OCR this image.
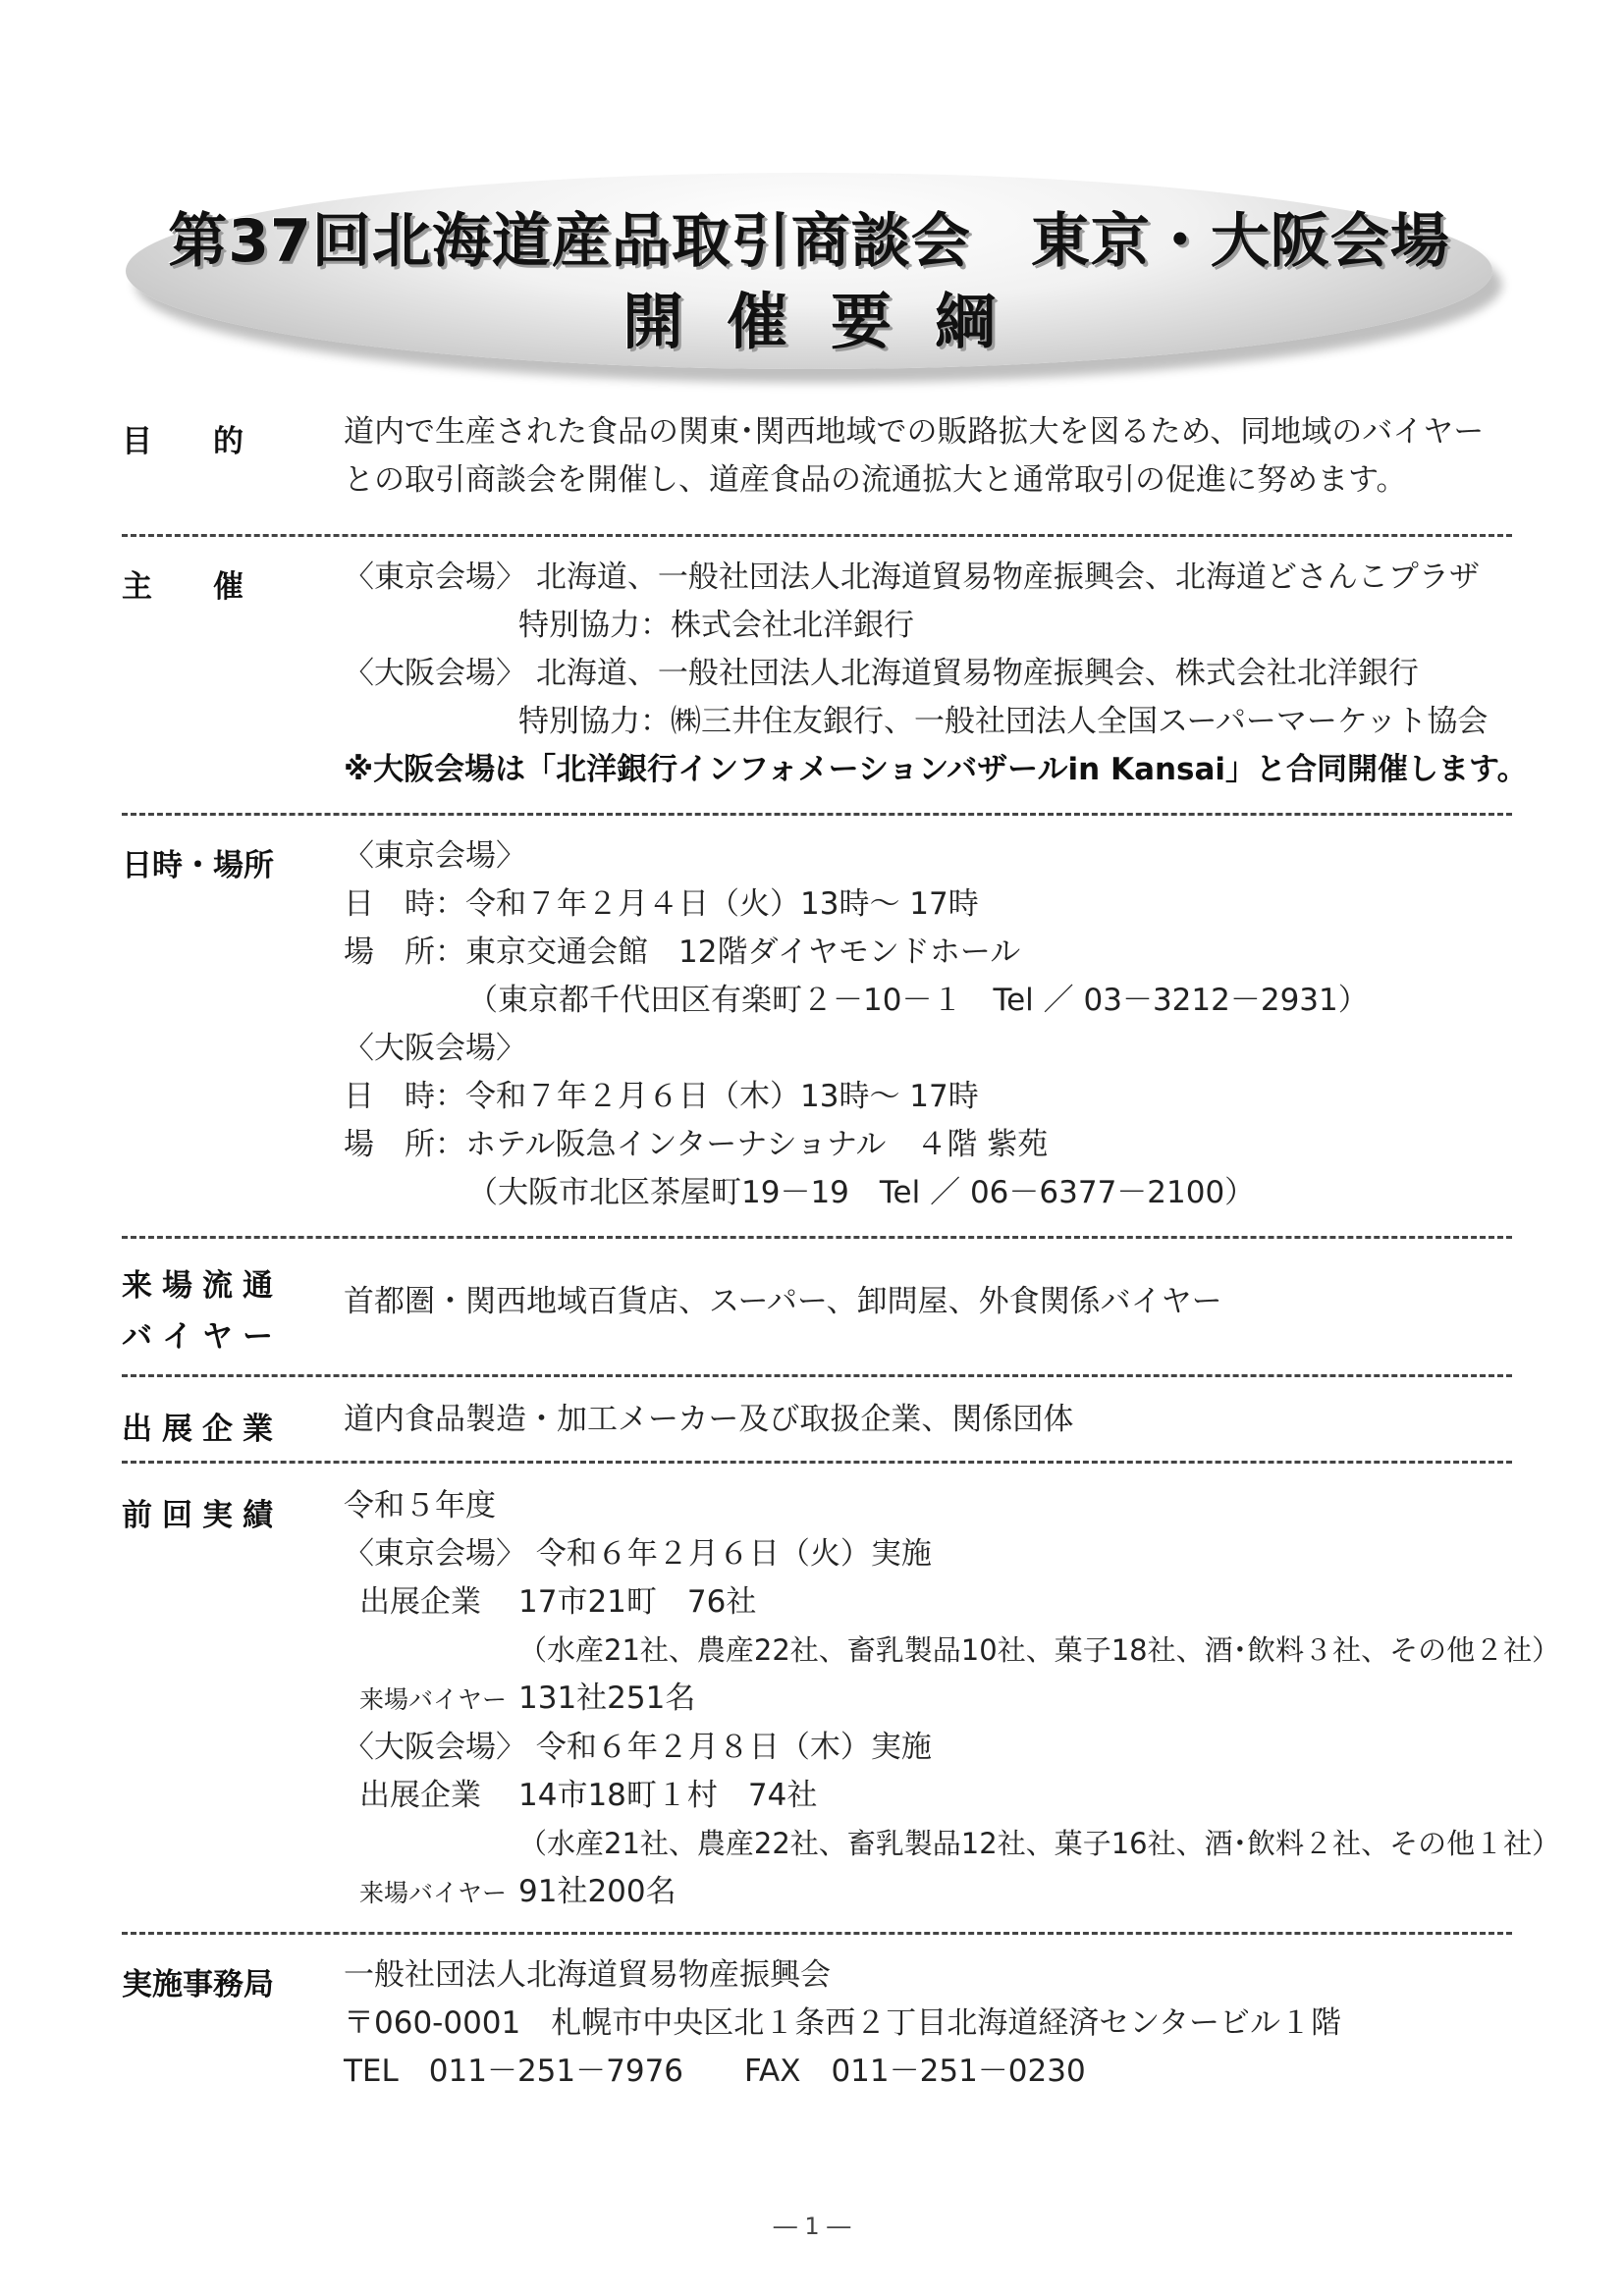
第37回北海道産品取引商談会　東京・大阪会場
開催要綱
目　　的	道内で生産された食品の関東･関西地域での販路拡大を図るため、同地域のバイヤー
との取引商談会を開催し、道産食品の流通拡大と通常取引の促進に努めます。
主　　催	〈東京会場〉 北海道、一般社団法人北海道貿易物産振興会、北海道どさんこプラザ
特別協力：株式会社北洋銀行
〈大阪会場〉 北海道、一般社団法人北海道貿易物産振興会、株式会社北洋銀行
特別協力：㈱三井住友銀行、一般社団法人全国スーパーマーケット協会
※大阪会場は「北洋銀行インフォメーションバザールin Kansai」と合同開催します。
日時・場所 〈東京会場〉
日　時：令和７年２月４日（火）13時～ 17時
場　所：東京交通会館　12階ダイヤモンドホール
（東京都千代田区有楽町２－10－１　Tel ／ 03－3212－2931）
〈大阪会場〉
日　時：令和７年２月６日（木）13時～ 17時
場　所：ホテル阪急インターナショナル　４階 紫苑
（大阪市北区茶屋町19－19　Tel ／ 06－6377－2100）
来場流通
バイヤー
首都圏・関西地域百貨店、スーパー、卸問屋、外食関係バイヤー
出展企業 道内食品製造・加工メーカー及び取扱企業、関係団体
前回実績 令和５年度
〈東京会場〉 令和６年２月６日（火）実施
出展企業 17市21町　76社
（水産21社、農産22社、畜乳製品10社、菓子18社、酒･飲料３社、その他２社）
来場バイヤー 131社251名
〈大阪会場〉 令和６年２月８日（木）実施
出展企業 14市18町１村　74社
（水産21社、農産22社、畜乳製品12社、菓子16社、酒･飲料２社、その他１社）
来場バイヤー 91社200名
実施事務局 一般社団法人北海道貿易物産振興会
〒060-0001　札幌市中央区北１条西２丁目北海道経済センタービル１階
TEL　011－251－7976　　FAX　011－251－0230
― 1 ―
